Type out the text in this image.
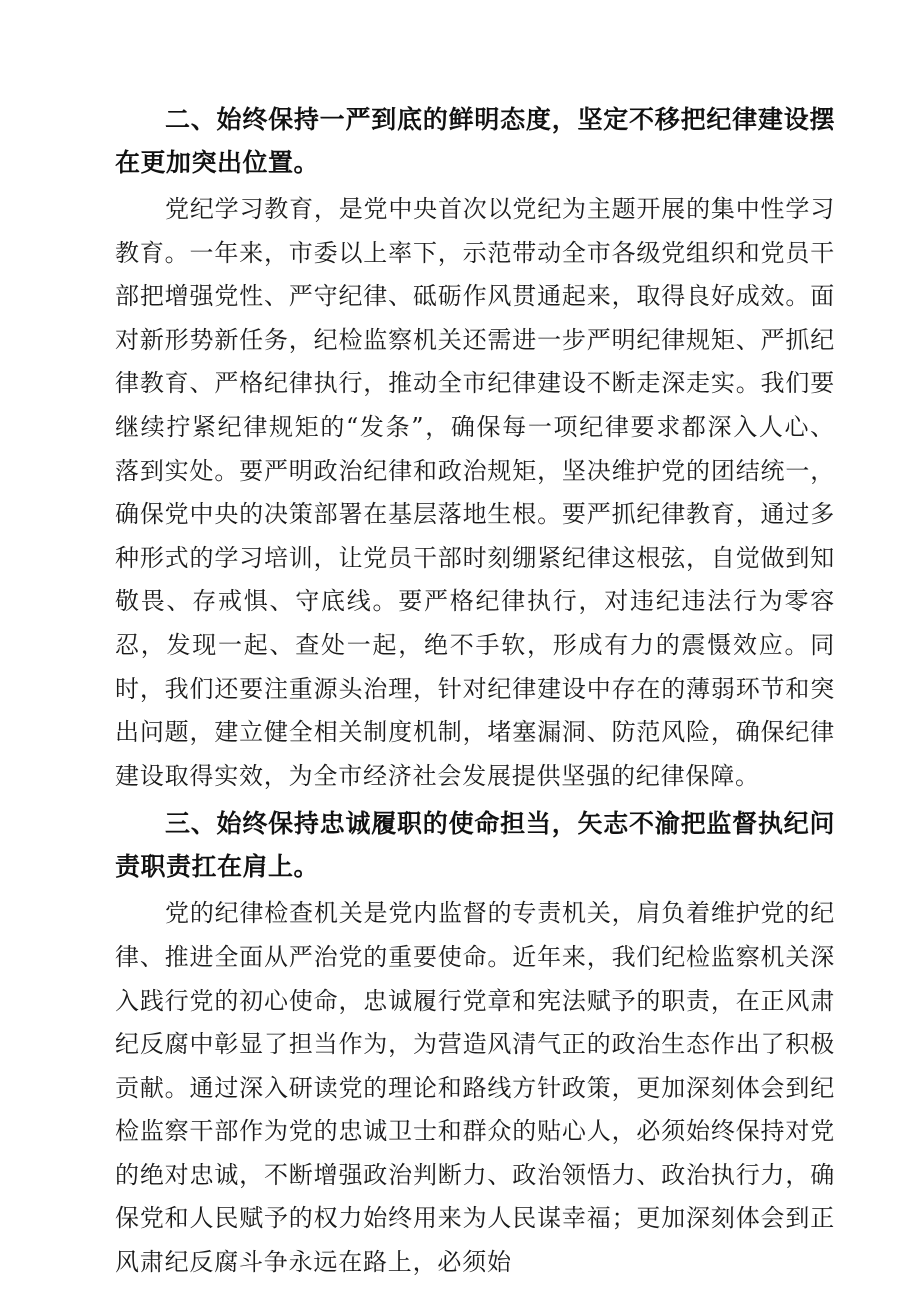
二、始终保持一严到底的鲜明态度，坚定不移把纪律建设摆在更加突出位置。

党纪学习教育，是党中央首次以党纪为主题开展的集中性学习教育。一年来，市委以上率下，示范带动全市各级党组织和党员干部把增强党性、严守纪律、砥砺作风贯通起来，取得良好成效。面对新形势新任务，纪检监察机关还需进一步严明纪律规矩、严抓纪律教育、严格纪律执行，推动全市纪律建设不断走深走实。我们要继续拧紧纪律规矩的“发条”，确保每一项纪律要求都深入人心、落到实处。要严明政治纪律和政治规矩，坚决维护党的团结统一，确保党中央的决策部署在基层落地生根。要严抓纪律教育，通过多种形式的学习培训，让党员干部时刻绷紧纪律这根弦，自觉做到知敬畏、存戒惧、守底线。要严格纪律执行，对违纪违法行为零容忍，发现一起、查处一起，绝不手软，形成有力的震慑效应。同时，我们还要注重源头治理，针对纪律建设中存在的薄弱环节和突出问题，建立健全相关制度机制，堵塞漏洞、防范风险，确保纪律建设取得实效，为全市经济社会发展提供坚强的纪律保障。

三、始终保持忠诚履职的使命担当，矢志不渝把监督执纪问责职责扛在肩上。

党的纪律检查机关是党内监督的专责机关，肩负着维护党的纪律、推进全面从严治党的重要使命。近年来，我们纪检监察机关深入践行党的初心使命，忠诚履行党章和宪法赋予的职责，在正风肃纪反腐中彰显了担当作为，为营造风清气正的政治生态作出了积极贡献。通过深入研读党的理论和路线方针政策，更加深刻体会到纪检监察干部作为党的忠诚卫士和群众的贴心人，必须始终保持对党的绝对忠诚，不断增强政治判断力、政治领悟力、政治执行力，确保党和人民赋予的权力始终用来为人民谋幸福；更加深刻体会到正风肃纪反腐斗争永远在路上，必须始
